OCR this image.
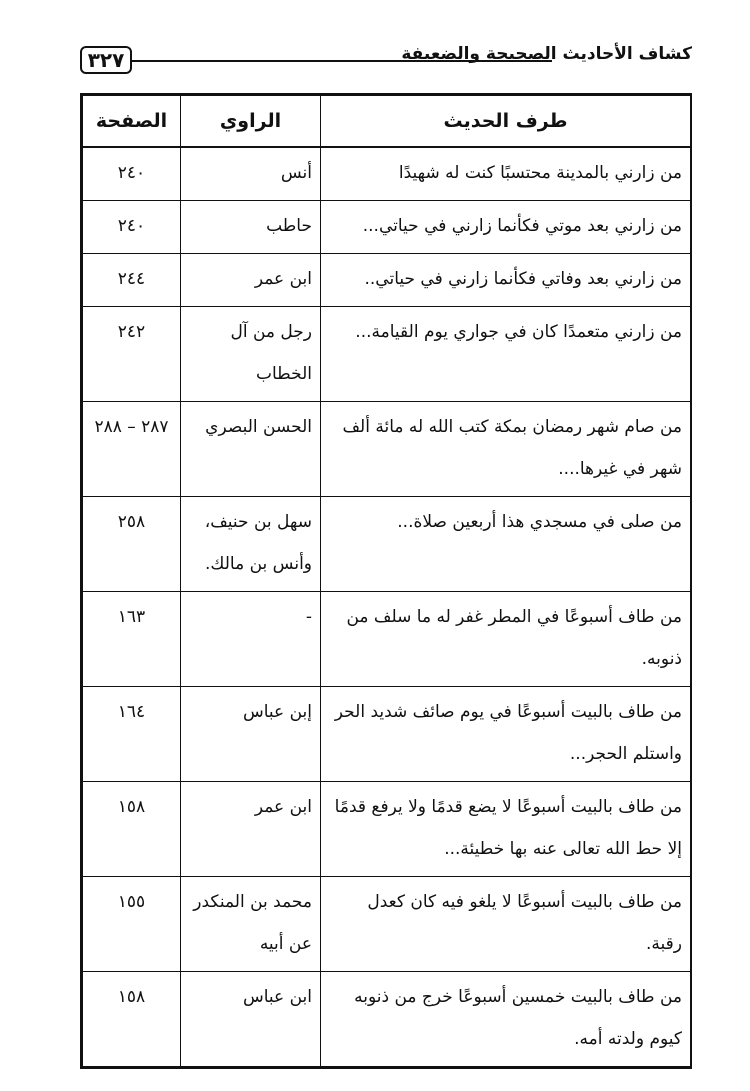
٣٢٧	كشاف الأحاديث الصحيحة والضعيفة
طرف الحديث	الراوي	الصفحة
من زارني بالمدينة محتسبًا كنت له شهيدًا	أنس	٢٤٠
من زارني بعد موتي فكأنما زارني في حياتي...	حاطب	٢٤٠
من زارني بعد وفاتي فكأنما زارني في حياتي..	ابن عمر	٢٤٤
من زارني متعمدًا كان في جواري يوم القيامة...	رجل من آل الخطاب	٢٤٢
من صام شهر رمضان بمكة كتب الله له مائة ألف شهر في غيرها....	الحسن البصري	٢٨٧ – ٢٨٨
من صلى في مسجدي هذا أربعين صلاة...	سهل بن حنيف، وأنس بن مالك.	٢٥٨
من طاف أسبوعًا في المطر غفر له ما سلف من ذنوبه.	-	١٦٣
من طاف بالبيت أسبوعًا في يوم صائف شديد الحر واستلم الحجر...	إبن عباس	١٦٤
من طاف بالبيت أسبوعًا لا يضع قدمًا ولا يرفع قدمًا إلا حط الله تعالى عنه بها خطيئة...	ابن عمر	١٥٨
من طاف بالبيت أسبوعًا لا يلغو فيه كان كعدل رقبة.	محمد بن المنكدر عن أبيه	١٥٥
من طاف بالبيت خمسين أسبوعًا خرج من ذنوبه كيوم ولدته أمه.	ابن عباس	١٥٨
